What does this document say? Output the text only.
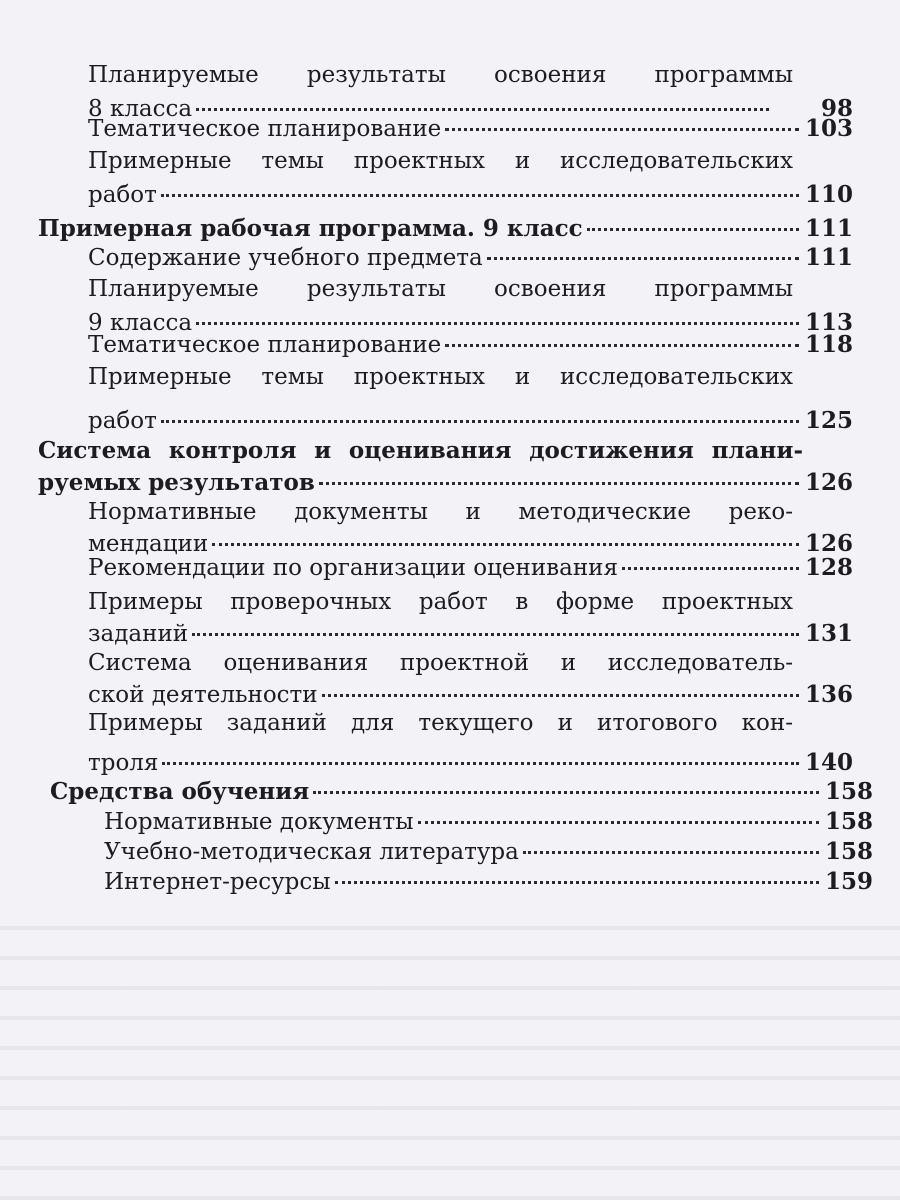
Планируемые результаты освоения программы
8 класса	98
Тематическое планирование	103
Примерные темы проектных и исследовательских
работ	110
Примерная рабочая программа. 9 класс	111
Содержание учебного предмета	111
Планируемые результаты освоения программы
9 класса	113
Тематическое планирование	118
Примерные темы проектных и исследовательских
работ	125
Система контроля и оценивания достижения плани-
руемых результатов	126
Нормативные документы и методические реко-
мендации	126
Рекомендации по организации оценивания	128
Примеры проверочных работ в форме проектных
заданий	131
Система оценивания проектной и исследователь-
ской деятельности	136
Примеры заданий для текущего и итогового кон-
троля	140
Средства обучения	158
Нормативные документы	158
Учебно-методическая литература	158
Интернет-ресурсы	159
